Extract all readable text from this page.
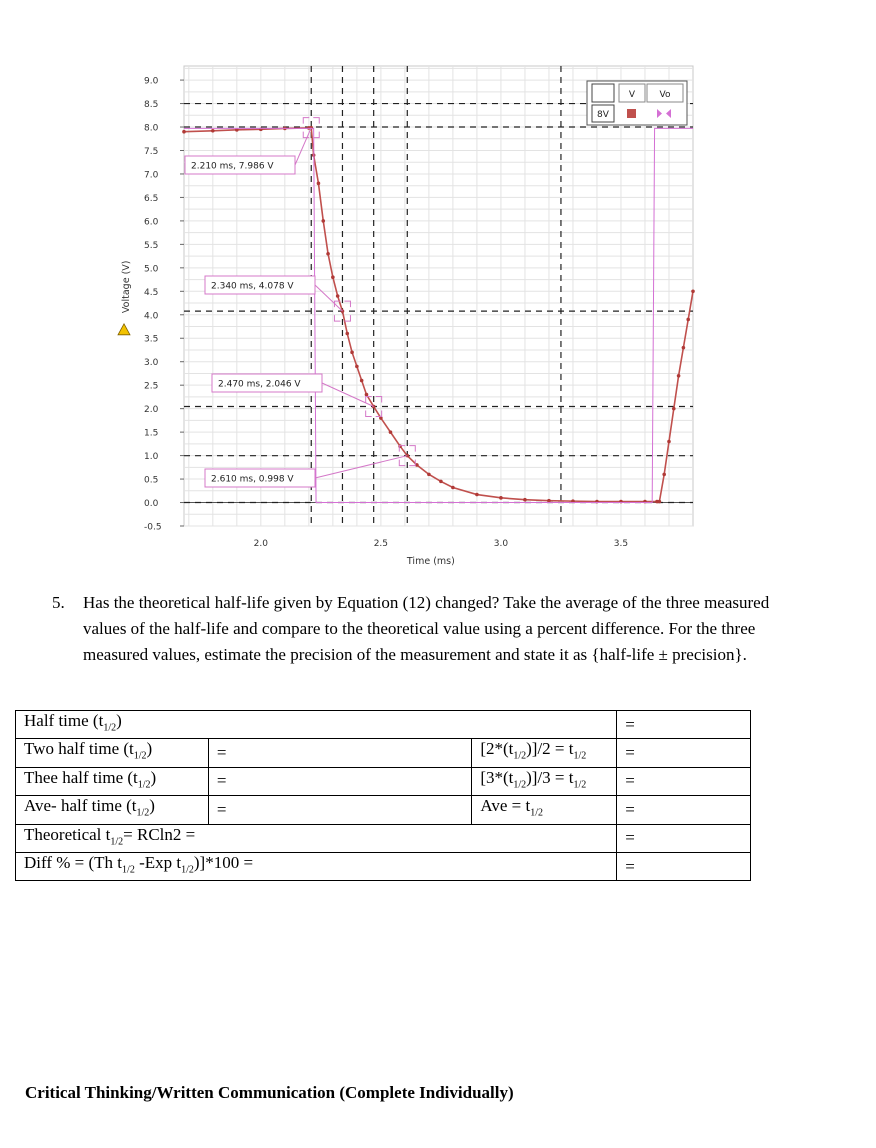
9.0
8.5
8.0
7.5
7.0
6.5
6.0
5.5
5.0
4.5
4.0
3.5
3.0
2.5
2.0
1.5
1.0
0.5
0.0
-0.5
2.0	2.5	3.0	3.5
Time (ms)
Voltage (V)
2.210 ms, 7.986 V
2.340 ms, 4.078 V
2.470 ms, 2.046 V
2.610 ms, 0.998 V
V	Vo
8V
5. Has the theoretical half-life given by Equation (12) changed? Take the average of the three measured values of the half-life and compare to the theoretical value using a percent difference. For the three measured values, estimate the precision of the measurement and state it as {half-life ± precision}.
Half time $(t_{1/2})$			=
Two half time $(t_{1/2})$	=	$[2*(t_{1/2})]/2 = t_{1/2}$	=
Thee half time $(t_{1/2})$	=	$[3*(t_{1/2})]/3 = t_{1/2}$	=
Ave- half time $(t_{1/2})$	=	Ave = $t_{1/2}$	=
Theoretical $t_{1/2}= RCln2$ =			=
Diff % = (Th $t_{1/2}$ -Exp $t_{1/2})]*100$ =			=
Critical Thinking/Written Communication (Complete Individually)
